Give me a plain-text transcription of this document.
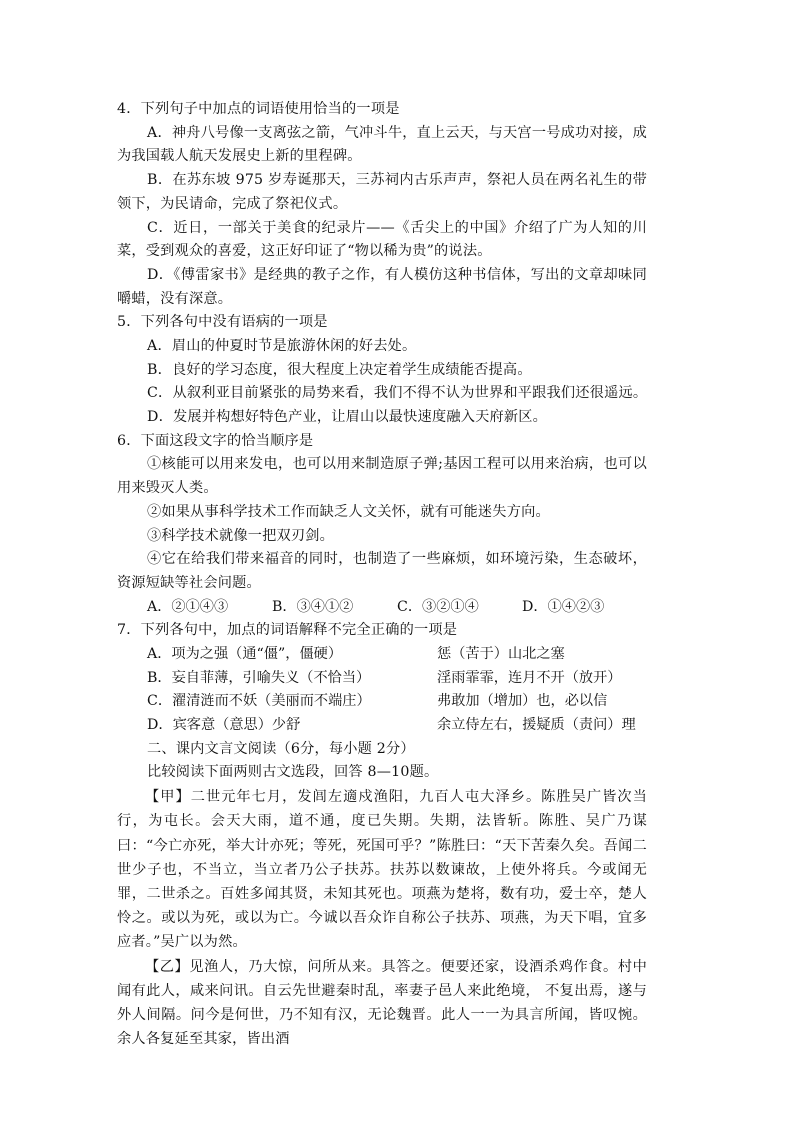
4．下列句子中加点的词语使用恰当的一项是
A．神舟八号像一支离弦之箭，气冲斗牛，直上云天，与天宫一号成功对接，成为我国载人航天发展史上新的里程碑。
B．在苏东坡 975 岁寿诞那天，三苏祠内古乐声声，祭祀人员在两名礼生的带领下，为民请命，完成了祭祀仪式。
C．近日，一部关于美食的纪录片——《舌尖上的中国》介绍了广为人知的川菜，受到观众的喜爱，这正好印证了“物以稀为贵”的说法。
D．《傅雷家书》是经典的教子之作，有人模仿这种书信体，写出的文章却味同嚼蜡，没有深意。
5．下列各句中没有语病的一项是
A．眉山的仲夏时节是旅游休闲的好去处。
B．良好的学习态度，很大程度上决定着学生成绩能否提高。
C．从叙利亚目前紧张的局势来看，我们不得不认为世界和平跟我们还很遥远。
D．发展并构想好特色产业，让眉山以最快速度融入天府新区。
6．下面这段文字的恰当顺序是
①核能可以用来发电，也可以用来制造原子弹;基因工程可以用来治病，也可以用来毁灭人类。
②如果从事科学技术工作而缺乏人文关怀，就有可能迷失方向。
③科学技术就像一把双刃剑。
④它在给我们带来福音的同时，也制造了一些麻烦，如环境污染，生态破坏，资源短缺等社会问题。
A．②①④③	B．③④①②	C．③②①④	D．①④②③
7．下列各句中，加点的词语解释不完全正确的一项是
A．项为之强（通“僵”，僵硬）	惩（苦于）山北之塞
B．妄自菲薄，引喻失义（不恰当）	淫雨霏霏，连月不开（放开）
C．濯清涟而不妖（美丽而不端庄）	弗敢加（增加）也，必以信
D．宾客意（意思）少舒	余立侍左右，援疑质（责问）理
二、课内文言文阅读（6分，每小题 2分）
比较阅读下面两则古文选段，回答 8—10题。
【甲】二世元年七月，发闾左適戍渔阳，九百人屯大泽乡。陈胜吴广皆次当行，为屯长。会天大雨，道不通，度已失期。失期，法皆斩。陈胜、吴广乃谋曰：“今亡亦死，举大计亦死；等死，死国可乎？”陈胜曰：“天下苦秦久矣。吾闻二世少子也，不当立，当立者乃公子扶苏。扶苏以数谏故，上使外将兵。今或闻无罪，二世杀之。百姓多闻其贤，未知其死也。项燕为楚将，数有功，爱士卒，楚人怜之。或以为死，或以为亡。今诚以吾众诈自称公子扶苏、项燕，为天下唱，宜多应者。”吴广以为然。
【乙】见渔人，乃大惊，问所从来。具答之。便要还家，设酒杀鸡作食。村中闻有此人，咸来问讯。自云先世避秦时乱，率妻子邑人来此绝境， 不复出焉，遂与外人间隔。问今是何世，乃不知有汉，无论魏晋。此人一一为具言所闻，皆叹惋。余人各复延至其家，皆出酒
